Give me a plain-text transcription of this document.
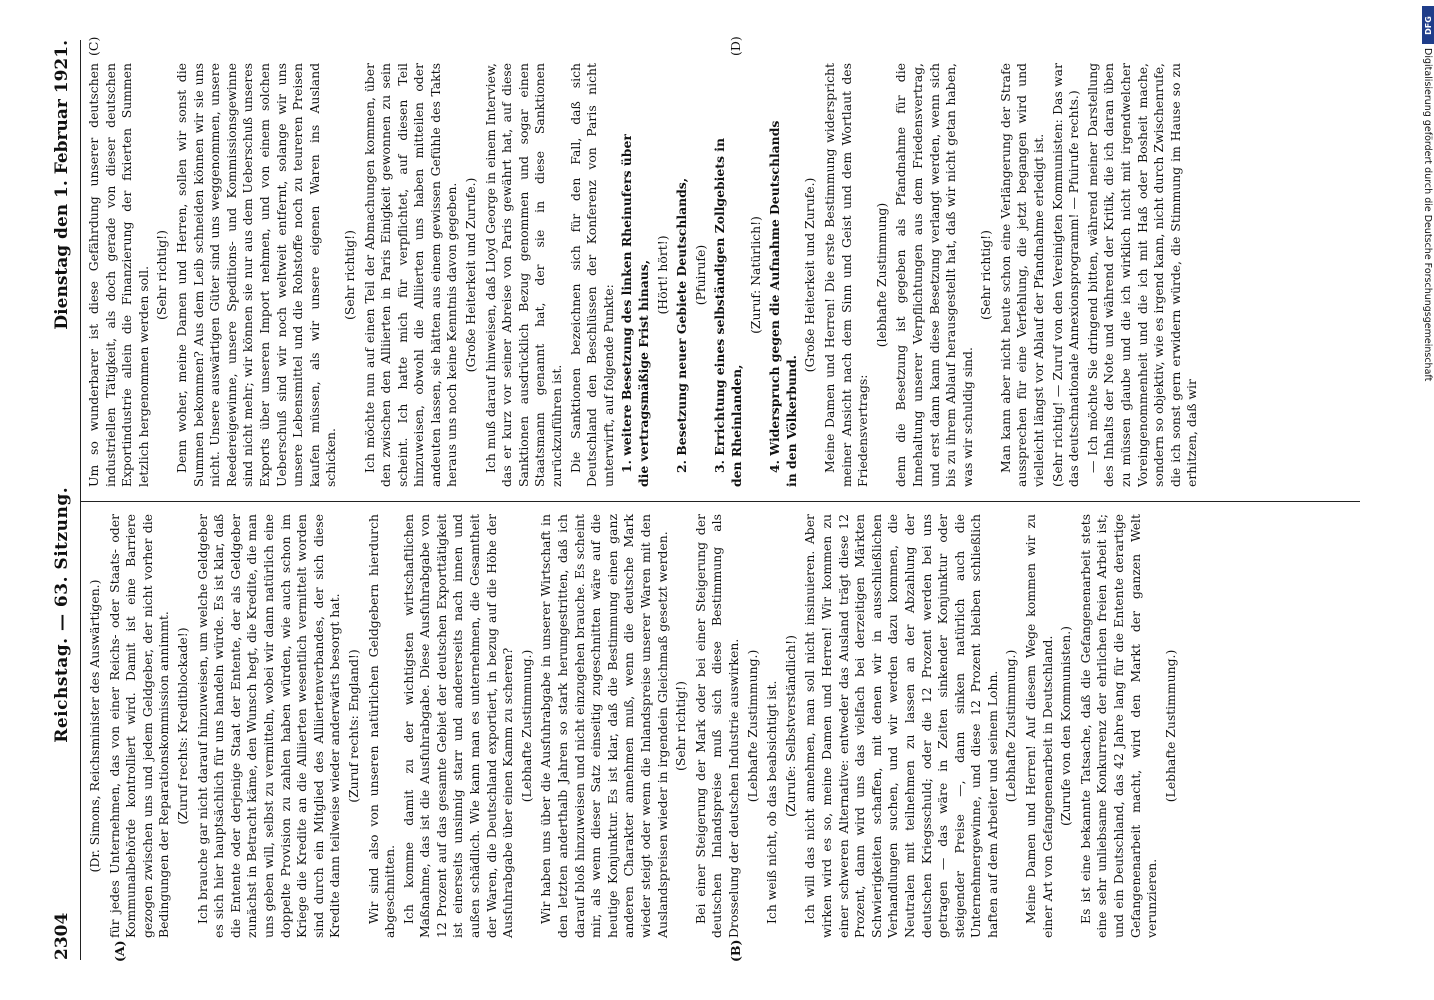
2304
Reichstag. — 63. Sitzung.
Dienstag den 1. Februar 1921.
(A)	(B)
(C)	(D)

(Dr. Simons, Reichsminister des Auswärtigen.) für jedes Unternehmen, das von einer Reichs- oder Staats- oder Kommunalbehörde kontrolliert wird. Damit ist eine Barriere gezogen zwischen uns und jedem Geldgeber, der nicht vorher die Bedingungen der Reparationskommission annimmt. (Zuruf rechts: Kreditblockade!) Ich brauche gar nicht darauf hinzuweisen, um welche Geldgeber es sich hier hauptsächlich für uns handeln würde. Es ist klar, daß die Entente oder derjenige Staat der Entente, der als Geldgeber zunächst in Betracht käme, den Wunsch hegt, die Kredite, die man uns geben will, selbst zu vermitteln, wobei wir dann natürlich eine doppelte Provision zu zahlen haben würden, wie auch schon im Kriege die Kredite an die Alliierten wesentlich vermittelt worden sind durch ein Mitglied des Alliiertenverbandes, der sich diese Kredite dann teilweise wieder anderwärts besorgt hat. (Zuruf rechts: England!) Wir sind also von unseren natürlichen Geldgebern hierdurch abgeschnitten. Ich komme damit zu der wichtigsten wirtschaftlichen Maßnahme, das ist die Ausfuhrabgabe. Diese Ausfuhrabgabe von 12 Prozent auf das gesamte Gebiet der deutschen Exporttätigkeit ist einerseits unsinnig starr und andererseits nach innen und außen schädlich. Wie kann man es unternehmen, die Gesamtheit der Waren, die Deutschland exportiert, in bezug auf die Höhe der Ausfuhrabgabe über einen Kamm zu scheren? (Lebhafte Zustimmung.) Wir haben uns über die Ausfuhrabgabe in unserer Wirtschaft in den letzten anderthalb Jahren so stark herumgestritten, daß ich darauf bloß hinzuweisen und nicht einzugehen brauche. Es scheint mir, als wenn dieser Satz einseitig zugeschnitten wäre auf die heutige Konjunktur. Es ist klar, daß die Bestimmung einen ganz anderen Charakter annehmen muß, wenn die deutsche Mark wieder steigt oder wenn die Inlandspreise unserer Waren mit den Auslandspreisen wieder in irgendein Gleichmaß gesetzt werden. (Sehr richtig!) Bei einer Steigerung der Mark oder bei einer Steigerung der deutschen Inlandspreise muß sich diese Bestimmung als Drosselung der deutschen Industrie auswirken. (Lebhafte Zustimmung.) Ich weiß nicht, ob das beabsichtigt ist. (Zurufe: Selbstverständlich!) Ich will das nicht annehmen, man soll nicht insinuieren. Aber wirken wird es so, meine Damen und Herren! Wir kommen zu einer schweren Alternative: entweder das Ausland trägt diese 12 Prozent, dann wird uns das vielfach bei derzeitigen Märkten Schwierigkeiten schaffen, mit denen wir in ausschließlichen Verhandlungen suchen, und wir werden dazu kommen, die Neutralen mit teilnehmen zu lassen an der Abzahlung der deutschen Kriegsschuld; oder die 12 Prozent werden bei uns getragen — das wäre in Zeiten sinkender Konjunktur oder steigender Preise —, dann sinken natürlich auch die Unternehmergewinne, und diese 12 Prozent bleiben schließlich haften auf dem Arbeiter und seinem Lohn. (Lebhafte Zustimmung.) Meine Damen und Herren! Auf diesem Wege kommen wir zu einer Art von Gefangenenarbeit in Deutschland. (Zurufe von den Kommunisten.) Es ist eine bekannte Tatsache, daß die Gefangenenarbeit stets eine sehr unliebsame Konkurrenz der ehrlichen freien Arbeit ist; und ein Deutschland, das 42 Jahre lang für die Entente derartige Gefangenenarbeit macht, wird den Markt der ganzen Welt verunzieren.

(Lebhafte Zustimmung.)

Um so wunderbarer ist diese Gefährdung unserer deutschen industriellen Tätigkeit, als doch gerade von dieser deutschen Exportindustrie allein die Finanzierung der fixierten Summen letzlich hergenommen werden soll. (Sehr richtig!) Denn woher, meine Damen und Herren, sollen wir sonst die Summen bekommen? Aus dem Leib schneiden können wir sie uns nicht. Unsere auswärtigen Güter sind uns weggenommen, unsere Reedereigewinne, unsere Speditions- und Kommissionsgewinne sind nicht mehr; wir können sie nur aus dem Ueberschuß unseres Exports über unseren Import nehmen, und von einem solchen Ueberschuß sind wir noch weltweit entfernt, solange wir uns unsere Lebensmittel und die Rohstoffe noch zu teureren Preisen kaufen müssen, als wir unsere eigenen Waren ins Ausland schicken.

(Sehr richtig!) Ich möchte nun auf einen Teil der Abmachungen kommen, über den zwischen den Alliierten in Paris Einigkeit gewonnen zu sein scheint. Ich hatte mich für verpflichtet, auf diesen Teil hinzuweisen, obwohl die Alliierten uns haben mitteilen oder andeuten lassen, sie hätten aus einem gewissen Gefühle des Takts heraus uns noch keine Kenntnis davon gegeben. (Große Heiterkeit und Zurufe.) Ich muß darauf hinweisen, daß Lloyd George in einem Interview, das er kurz vor seiner Abreise von Paris gewährt hat, auf diese Sanktionen ausdrücklich Bezug genommen und sogar einen Staatsmann genannt hat, der sie in diese Sanktionen zurückzuführen ist. Die Sanktionen bezeichnen sich für den Fall, daß sich Deutschland den Beschlüssen der Konferenz von Paris nicht unterwirft, auf folgende Punkte: 1. weitere Besetzung des linken Rheinufers über die vertragsmäßige Frist hinaus, (Hört! hört!) 2. Besetzung neuer Gebiete Deutschlands, (Pfuirufe) 3. Errichtung eines selbständigen Zollgebiets in den Rheinlanden,

(Zuruf: Natürlich!) 4. Widerspruch gegen die Aufnahme Deutschlands in den Völkerbund.

(Große Heiterkeit und Zurufe.) Meine Damen und Herren! Die erste Bestimmung widerspricht meiner Ansicht nach dem Sinn und Geist und dem Wortlaut des Friedensvertrags:

(lebhafte Zustimmung) denn die Besetzung ist gegeben als Pfandnahme für die Innehaltung unserer Verpflichtungen aus dem Friedensvertrag, und erst dann kann diese Besetzung verlangt werden, wenn sich bis zu ihrem Ablauf herausgestellt hat, daß wir nicht getan haben, was wir schuldig sind.

(Sehr richtig!) Man kann aber nicht heute schon eine Verlängerung der Strafe aussprechen für eine Verfehlung, die jetzt begangen wird und vielleicht längst vor Ablauf der Pfandnahme erledigt ist. (Sehr richtig! — Zuruf von den Vereinigten Kommunisten: Das war das deutschnationale Annexionsprogramm! — Pfuirufe rechts.) — Ich möchte Sie dringend bitten, während meiner Darstellung des Inhalts der Note und während der Kritik, die ich daran üben zu müssen glaube und die ich wirklich nicht mit irgendwelcher Voreingenommenheit und die ich mit Haß oder Bosheit mache, sondern so objektiv, wie es irgend kann, nicht durch Zwischenrufe, die ich sonst gern erwidern würde, die Stimmung im Hause so zu erhitzen, daß wir

DFG
Digitalisierung gefördert durch die Deutsche Forschungsgemeinschaft
